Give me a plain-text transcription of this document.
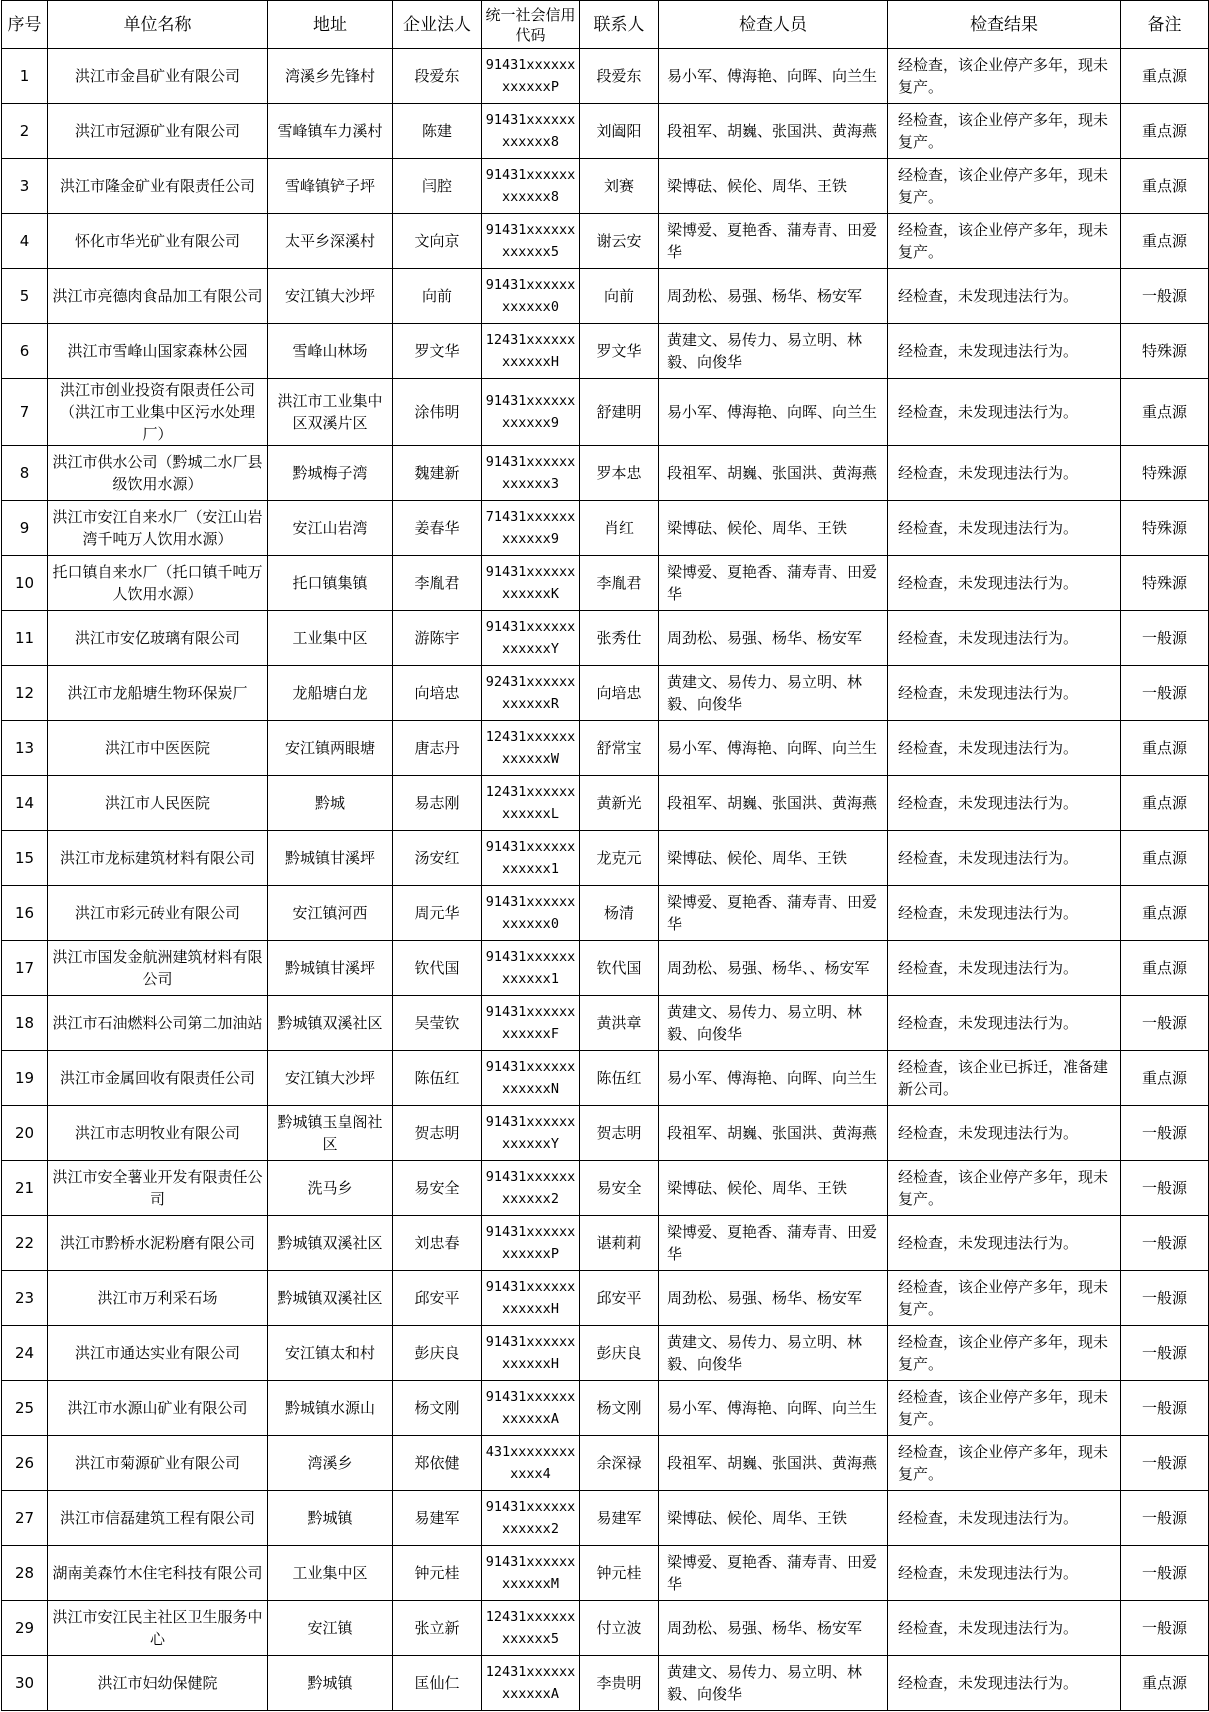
序号	单位名称	地址	企业法人	统一社会信用代码	联系人	检查人员	检查结果	备注
1	洪江市金昌矿业有限公司	湾溪乡先锋村	段爱东	91431xxxxxxxxxxxxP	段爱东	易小军、傅海艳、向晖、向兰生	经检查，该企业停产多年，现未复产。	重点源
2	洪江市冠源矿业有限公司	雪峰镇车力溪村	陈建	91431xxxxxxxxxxxx8	刘阖阳	段祖军、胡巍、张国洪、黄海燕	经检查，该企业停产多年，现未复产。	重点源
3	洪江市隆金矿业有限责任公司	雪峰镇铲子坪	闫腔	91431xxxxxxxxxxxx8	刘赛	梁博砝、候伦、周华、王铁	经检查，该企业停产多年，现未复产。	重点源
4	怀化市华光矿业有限公司	太平乡深溪村	文向京	91431xxxxxxxxxxxx5	谢云安	梁博爱、夏艳香、蒲寿青、田爱华	经检查，该企业停产多年，现未复产。	重点源
5	洪江市亮德肉食品加工有限公司	安江镇大沙坪	向前	91431xxxxxxxxxxxx0	向前	周劲松、易强、杨华、杨安军	经检查，未发现违法行为。	一般源
6	洪江市雪峰山国家森林公园	雪峰山林场	罗文华	12431xxxxxxxxxxxxH	罗文华	黄建文、易传力、易立明、林毅、向俊华	经检查，未发现违法行为。	特殊源
7	洪江市创业投资有限责任公司（洪江市工业集中区污水处理厂）	洪江市工业集中区双溪片区	涂伟明	91431xxxxxxxxxxxx9	舒建明	易小军、傅海艳、向晖、向兰生	经检查，未发现违法行为。	重点源
8	洪江市供水公司（黔城二水厂县级饮用水源）	黔城梅子湾	魏建新	91431xxxxxxxxxxxx3	罗本忠	段祖军、胡巍、张国洪、黄海燕	经检查，未发现违法行为。	特殊源
9	洪江市安江自来水厂（安江山岩湾千吨万人饮用水源）	安江山岩湾	姜春华	71431xxxxxxxxxxxx9	肖红	梁博砝、候伦、周华、王铁	经检查，未发现违法行为。	特殊源
10	托口镇自来水厂（托口镇千吨万人饮用水源）	托口镇集镇	李胤君	91431xxxxxxxxxxxxK	李胤君	梁博爱、夏艳香、蒲寿青、田爱华	经检查，未发现违法行为。	特殊源
11	洪江市安亿玻璃有限公司	工业集中区	游陈宇	91431xxxxxxxxxxxxY	张秀仕	周劲松、易强、杨华、杨安军	经检查，未发现违法行为。	一般源
12	洪江市龙船塘生物环保炭厂	龙船塘白龙	向培忠	92431xxxxxxxxxxxxR	向培忠	黄建文、易传力、易立明、林毅、向俊华	经检查，未发现违法行为。	一般源
13	洪江市中医医院	安江镇两眼塘	唐志丹	12431xxxxxxxxxxxxW	舒常宝	易小军、傅海艳、向晖、向兰生	经检查，未发现违法行为。	重点源
14	洪江市人民医院	黔城	易志刚	12431xxxxxxxxxxxxL	黄新光	段祖军、胡巍、张国洪、黄海燕	经检查，未发现违法行为。	重点源
15	洪江市龙标建筑材料有限公司	黔城镇甘溪坪	汤安红	91431xxxxxxxxxxxx1	龙克元	梁博砝、候伦、周华、王铁	经检查，未发现违法行为。	重点源
16	洪江市彩元砖业有限公司	安江镇河西	周元华	91431xxxxxxxxxxxx0	杨清	梁博爱、夏艳香、蒲寿青、田爱华	经检查，未发现违法行为。	重点源
17	洪江市国发金航洲建筑材料有限公司	黔城镇甘溪坪	钦代国	91431xxxxxxxxxxxx1	钦代国	周劲松、易强、杨华、、杨安军	经检查，未发现违法行为。	重点源
18	洪江市石油燃料公司第二加油站	黔城镇双溪社区	吴莹钦	91431xxxxxxxxxxxxF	黄洪章	黄建文、易传力、易立明、林毅、向俊华	经检查，未发现违法行为。	一般源
19	洪江市金属回收有限责任公司	安江镇大沙坪	陈伍红	91431xxxxxxxxxxxxN	陈伍红	易小军、傅海艳、向晖、向兰生	经检查，该企业已拆迁，准备建新公司。	重点源
20	洪江市志明牧业有限公司	黔城镇玉皇阁社区	贺志明	91431xxxxxxxxxxxxY	贺志明	段祖军、胡巍、张国洪、黄海燕	经检查，未发现违法行为。	一般源
21	洪江市安全薯业开发有限责任公司	洗马乡	易安全	91431xxxxxxxxxxxx2	易安全	梁博砝、候伦、周华、王铁	经检查，该企业停产多年，现未复产。	一般源
22	洪江市黔桥水泥粉磨有限公司	黔城镇双溪社区	刘忠春	91431xxxxxxxxxxxxP	谌莉莉	梁博爱、夏艳香、蒲寿青、田爱华	经检查，未发现违法行为。	一般源
23	洪江市万利采石场	黔城镇双溪社区	邱安平	91431xxxxxxxxxxxxH	邱安平	周劲松、易强、杨华、杨安军	经检查，该企业停产多年，现未复产。	一般源
24	洪江市通达实业有限公司	安江镇太和村	彭庆良	91431xxxxxxxxxxxxH	彭庆良	黄建文、易传力、易立明、林毅、向俊华	经检查，该企业停产多年，现未复产。	一般源
25	洪江市水源山矿业有限公司	黔城镇水源山	杨文刚	91431xxxxxxxxxxxxA	杨文刚	易小军、傅海艳、向晖、向兰生	经检查，该企业停产多年，现未复产。	一般源
26	洪江市菊源矿业有限公司	湾溪乡	郑依健	431xxxxxxxxxxxx4	余深禄	段祖军、胡巍、张国洪、黄海燕	经检查，该企业停产多年，现未复产。	一般源
27	洪江市信磊建筑工程有限公司	黔城镇	易建军	91431xxxxxxxxxxxx2	易建军	梁博砝、候伦、周华、王铁	经检查，未发现违法行为。	一般源
28	湖南美森竹木住宅科技有限公司	工业集中区	钟元桂	91431xxxxxxxxxxxxM	钟元桂	梁博爱、夏艳香、蒲寿青、田爱华	经检查，未发现违法行为。	一般源
29	洪江市安江民主社区卫生服务中心	安江镇	张立新	12431xxxxxxxxxxxx5	付立波	周劲松、易强、杨华、杨安军	经检查，未发现违法行为。	一般源
30	洪江市妇幼保健院	黔城镇	匡仙仁	12431xxxxxxxxxxxxA	李贵明	黄建文、易传力、易立明、林毅、向俊华	经检查，未发现违法行为。	重点源
